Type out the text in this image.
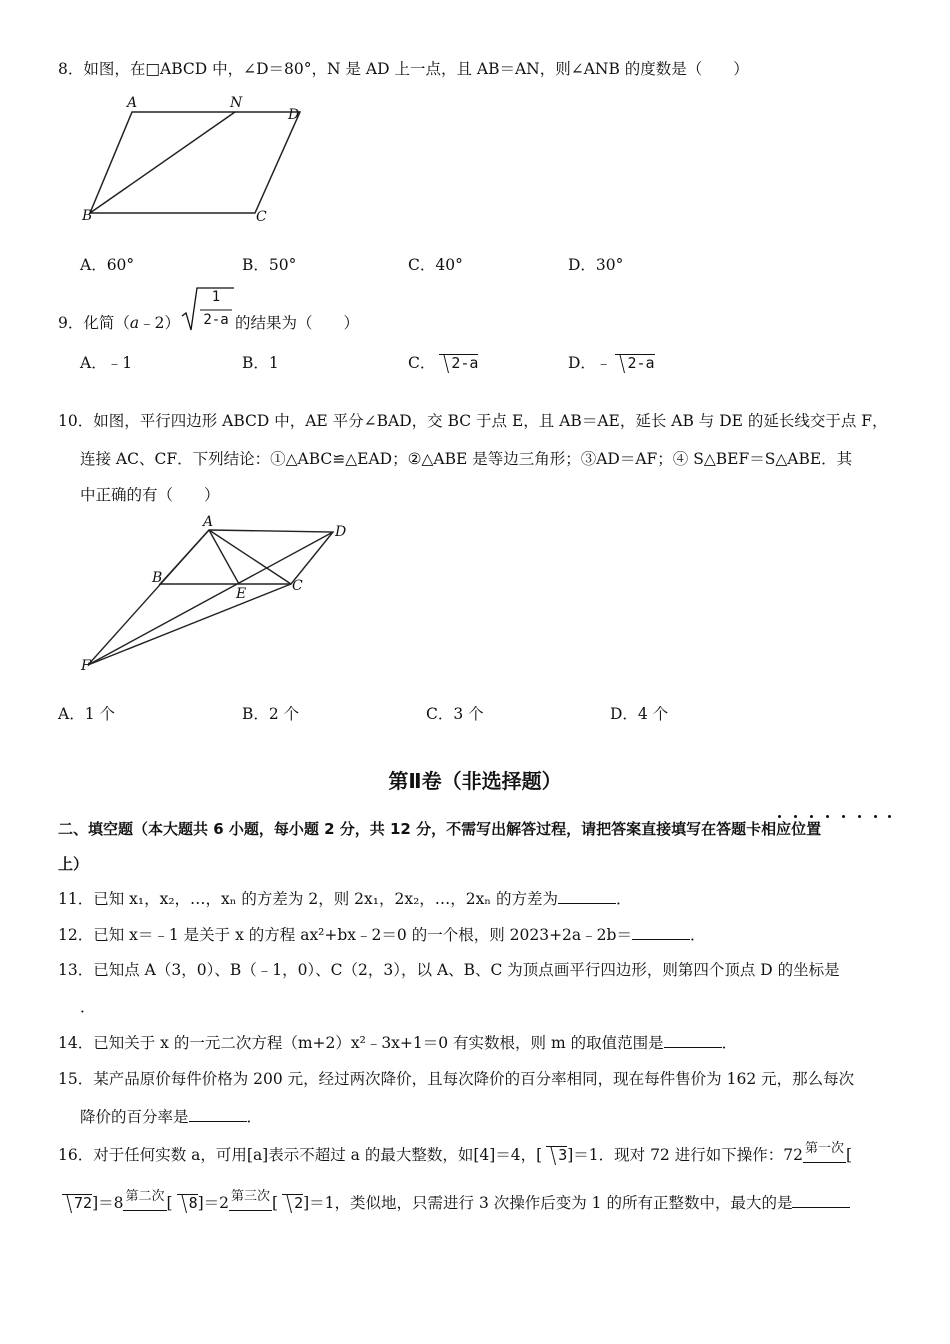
8．如图，在□ABCD 中，∠D＝80°，N 是 AD 上一点，且 AB＝AN，则∠ANB 的度数是（　　）
A	N
D
B	C
A．60°	B．50°	C．40°	D．30°
9．化简（a﹣2）
1
2-a 的结果为（　　）
A．﹣1	B．1	C． 2-a	D．﹣ 2-a
10．如图，平行四边形 ABCD 中，AE 平分∠BAD，交 BC 于点 E，且 AB＝AE，延长 AB 与 DE 的延长线交于点 F，
连接 AC、CF．下列结论：①△ABC≌△EAD；②△ABE 是等边三角形；③AD＝AF；④ S△BEF＝S△ABE．其
中正确的有（　　）
A
D
B
E	C
F
A．1 个	B．2 个	C．3 个	D．4 个
第Ⅱ卷（非选择题）
二、填空题（本大题共 6 小题，每小题 2 分，共 12 分，不需写出解答过程，请把答案直接填写在答题卡相应位置
上）
11．已知 x₁，x₂，…，xₙ 的方差为 2，则 2x₁，2x₂，…，2xₙ 的方差为	．
12．已知 x＝﹣1 是关于 x 的方程 ax²+bx﹣2＝0 的一个根，则 2023+2a﹣2b＝	．
13．已知点 A（3，0）、B（﹣1，0）、C（2，3），以 A、B、C 为顶点画平行四边形，则第四个顶点 D 的坐标是
．
14．已知关于 x 的一元二次方程（m+2）x²﹣3x+1＝0 有实数根，则 m 的取值范围是	．
15．某产品原价每件价格为 200 元，经过两次降价，且每次降价的百分率相同，现在每件售价为 162 元，那么每次
降价的百分率是	．
16．对于任何实数 a，可用[a]表示不超过 a 的最大整数，如[4]＝4，[ 3]＝1．现对 72 进行如下操作：72 第一次 [
72]＝8 第二次 [ 8]＝2 第三次 [ 2]＝1，类似地，只需进行 3 次操作后变为 1 的所有正整数中，最大的是
